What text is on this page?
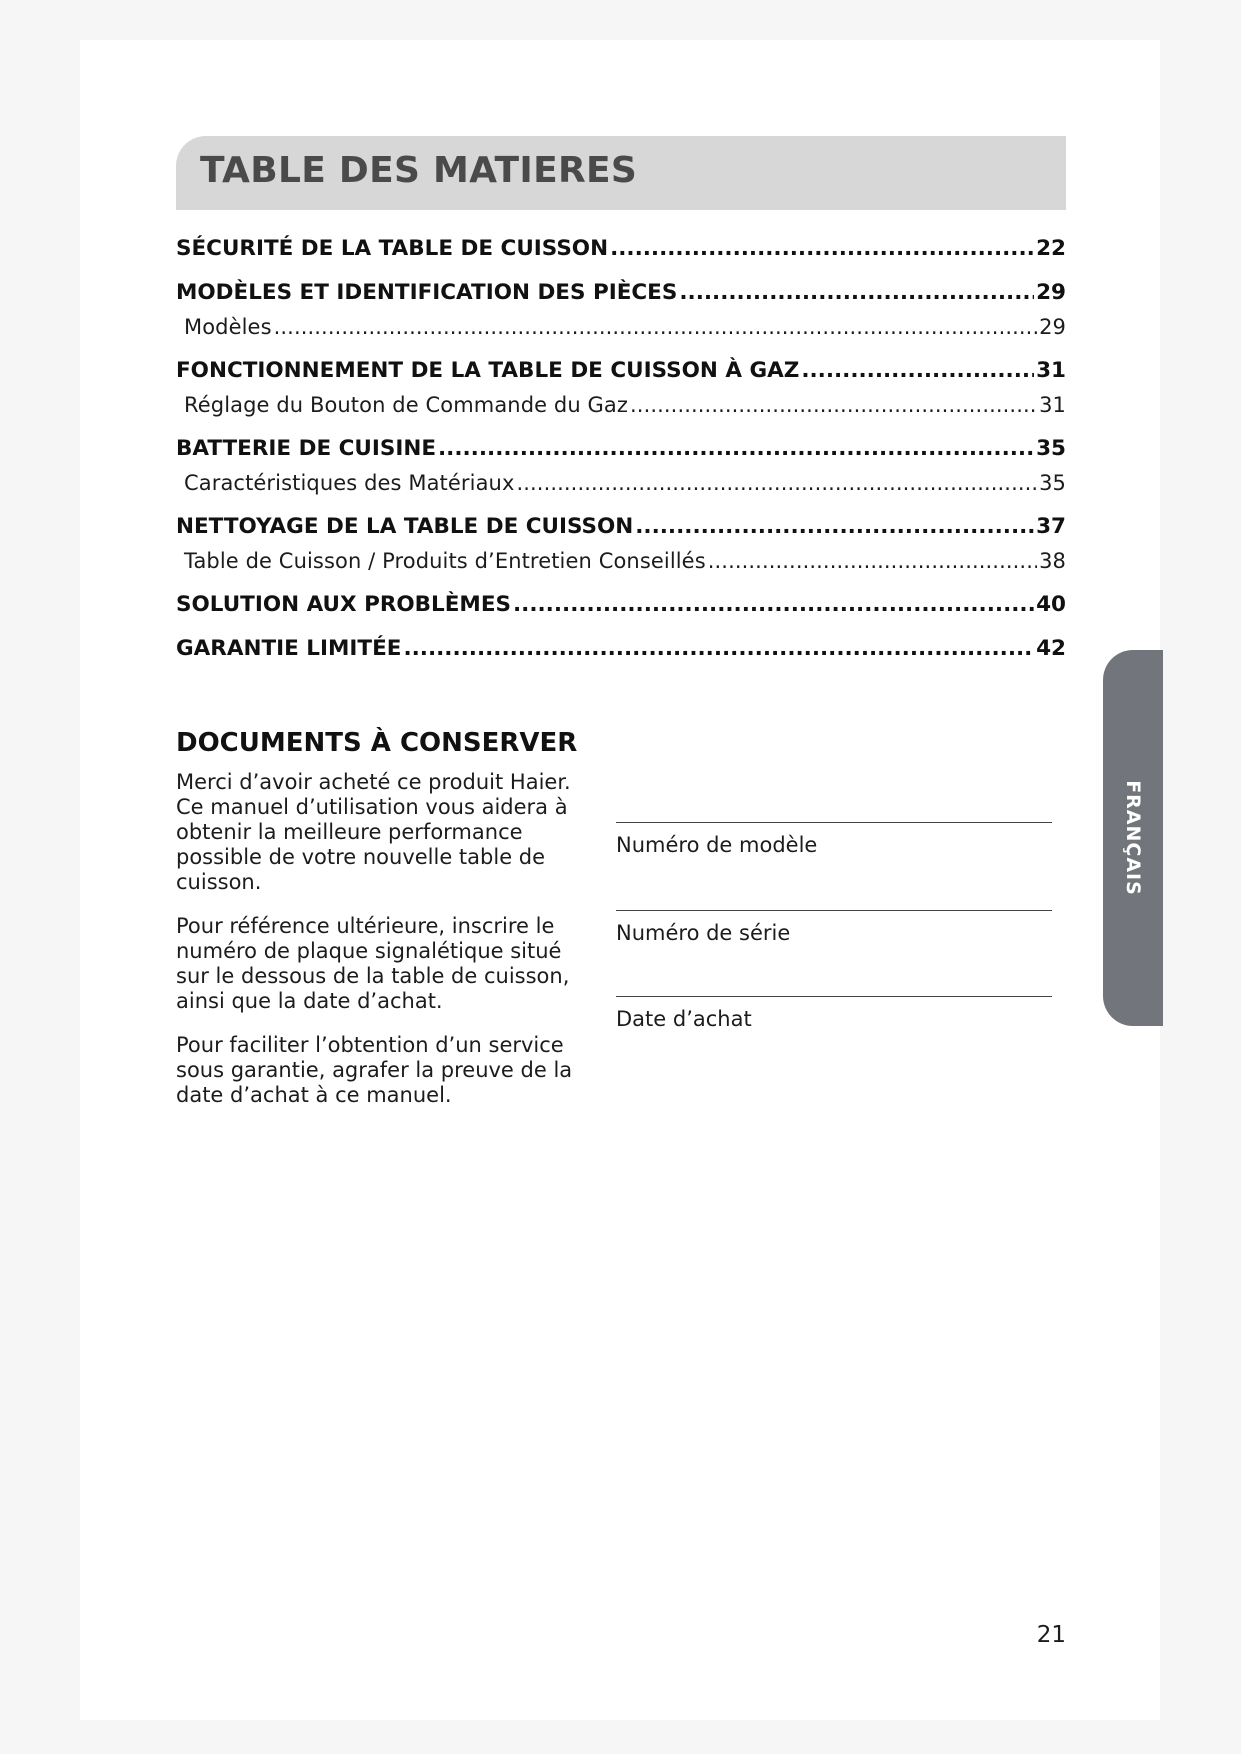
TABLE DES MATIERES
SÉCURITÉ DE LA TABLE DE CUISSON .....	22
MODÈLES ET IDENTIFICATION DES PIÈCES .....	29
Modèles .....	29
FONCTIONNEMENT DE LA TABLE DE CUISSON À GAZ .....	31
Réglage du Bouton de Commande du Gaz .....	31
BATTERIE DE CUISINE .....	35
Caractéristiques des Matériaux .....	35
NETTOYAGE DE LA TABLE DE CUISSON .....	37
Table de Cuisson / Produits d’Entretien Conseillés .....	38
SOLUTION AUX PROBLÈMES .....	40
GARANTIE LIMITÉE .....	42
DOCUMENTS À CONSERVER

Merci d’avoir acheté ce produit Haier. Ce manuel d’utilisation vous aidera à obtenir la meilleure performance possible de votre nouvelle table de cuisson.

Pour référence ultérieure, inscrire le numéro de plaque signalétique situé sur le dessous de la table de cuisson, ainsi que la date d’achat.

Pour faciliter l’obtention d’un service sous garantie, agrafer la preuve de la date d’achat à ce manuel.

Numéro de modèle
Numéro de série
Date d’achat
FRANÇAIS
21
